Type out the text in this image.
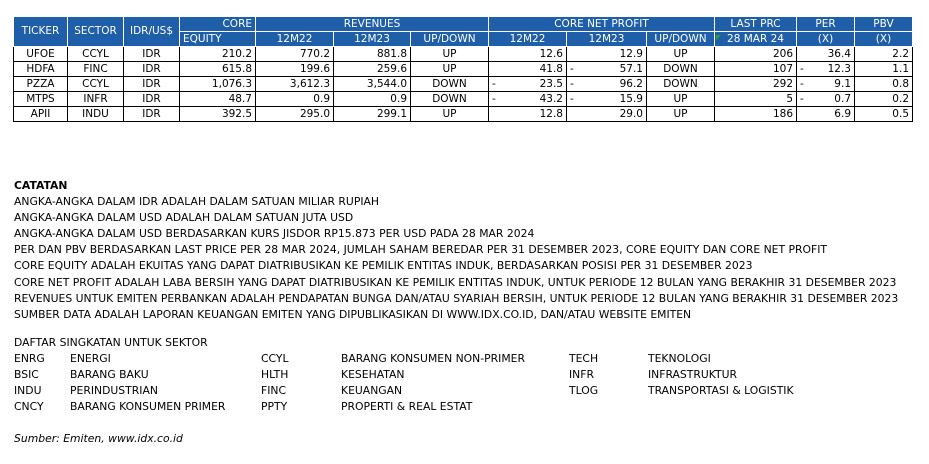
TICKER	SECTOR	IDR/US$	CORE	REVENUES			CORE NET PROFIT			LAST PRC	PER	PBV
			EQUITY	12M22	12M23	UP/DOWN	12M22	12M23	UP/DOWN	28 MAR 24	(X)	(X)
UFOE	CCYL	IDR	210.2	770.2	881.8	UP	12.6	12.9	UP	206	36.4	2.2
HDFA	FINC	IDR	615.8	199.6	259.6	UP	41.8	- 57.1	DOWN	107	- 12.3	1.1
PZZA	CCYL	IDR	1,076.3	3,612.3	3,544.0	DOWN	- 23.5	- 96.2	DOWN	292	- 9.1	0.8
MTPS	INFR	IDR	48.7	0.9	0.9	DOWN	- 43.2	- 15.9	UP	5	- 0.7	0.2
APII	INDU	IDR	392.5	295.0	299.1	UP	12.8	29.0	UP	186	6.9	0.5
CATATAN
ANGKA-ANGKA DALAM IDR ADALAH DALAM SATUAN MILIAR RUPIAH
ANGKA-ANGKA DALAM USD ADALAH DALAM SATUAN JUTA USD
ANGKA-ANGKA DALAM USD BERDASARKAN KURS JISDOR RP15.873 PER USD PADA 28 MAR 2024
PER DAN PBV BERDASARKAN LAST PRICE PER 28 MAR 2024, JUMLAH SAHAM BEREDAR PER 31 DESEMBER 2023, CORE EQUITY DAN CORE NET PROFIT
CORE EQUITY ADALAH EKUITAS YANG DAPAT DIATRIBUSIKAN KE PEMILIK ENTITAS INDUK, BERDASARKAN POSISI PER 31 DESEMBER 2023
CORE NET PROFIT ADALAH LABA BERSIH YANG DAPAT DIATRIBUSIKAN KE PEMILIK ENTITAS INDUK, UNTUK PERIODE 12 BULAN YANG BERAKHIR 31 DESEMBER 2023
REVENUES UNTUK EMITEN PERBANKAN ADALAH PENDAPATAN BUNGA DAN/ATAU SYARIAH BERSIH, UNTUK PERIODE 12 BULAN YANG BERAKHIR 31 DESEMBER 2023
SUMBER DATA ADALAH LAPORAN KEUANGAN EMITEN YANG DIPUBLIKASIKAN DI WWW.IDX.CO.ID, DAN/ATAU WEBSITE EMITEN
DAFTAR SINGKATAN UNTUK SEKTOR
ENRG ENERGI	CCYL	BARANG KONSUMEN NON-PRIMER	TECH	TEKNOLOGI
BSIC	BARANG BAKU	HLTH	KESEHATAN	INFR	INFRASTRUKTUR
INDU	PERINDUSTRIAN	FINC	KEUANGAN	TLOG	TRANSPORTASI & LOGISTIK
CNCY BARANG KONSUMEN PRIMER	PPTY	PROPERTI & REAL ESTAT
Sumber: Emiten, www.idx.co.id
